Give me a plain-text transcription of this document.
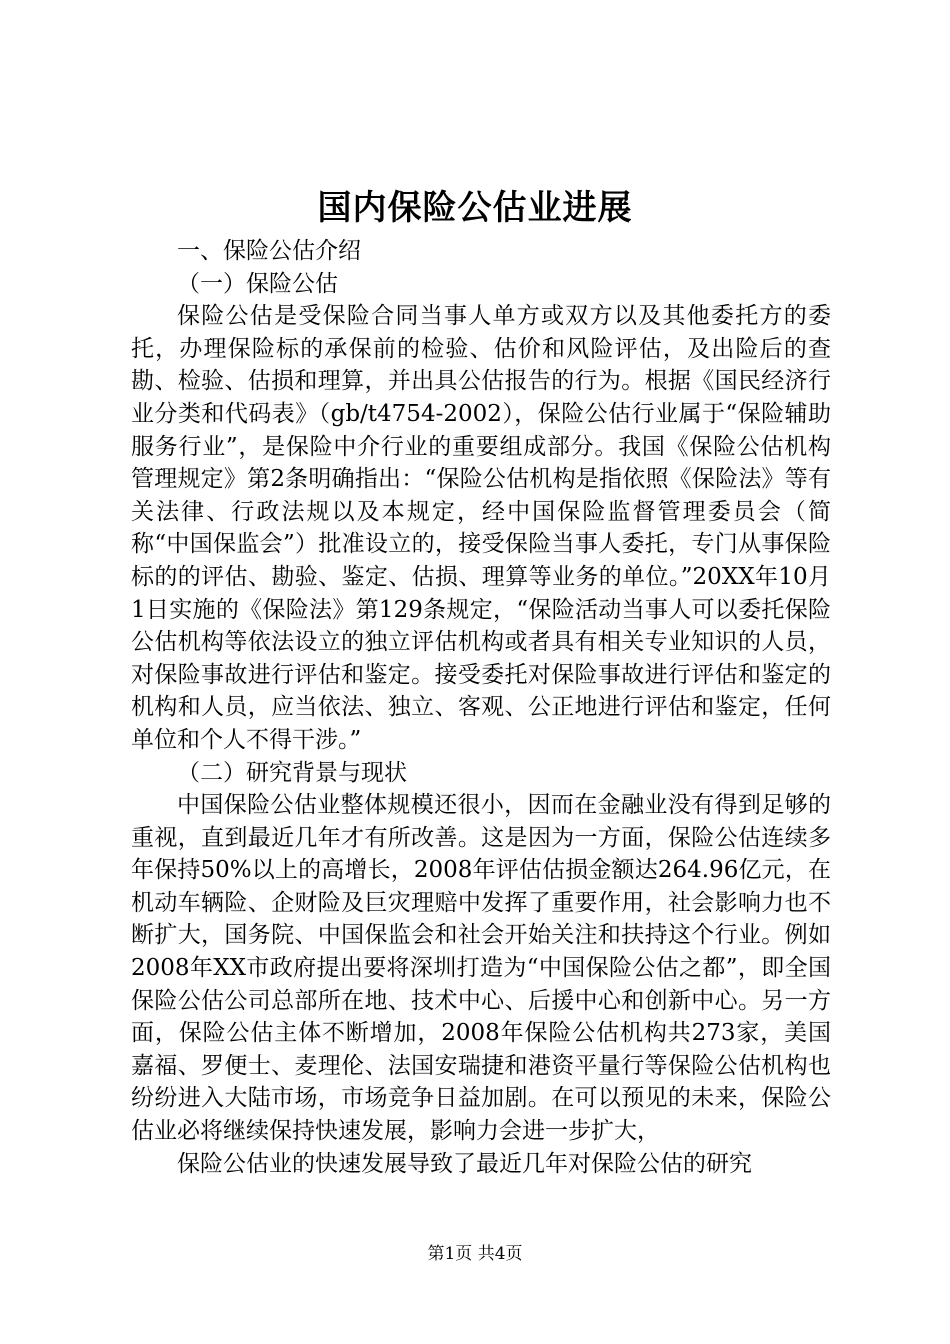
国内保险公估业进展

一、保险公估介绍

（一）保险公估

保险公估是受保险合同当事人单方或双方以及其他委托方的委托，办理保险标的承保前的检验、估价和风险评估，及出险后的查勘、检验、估损和理算，并出具公估报告的行为。根据《国民经济行业分类和代码表》（gb/t4754-2002），保险公估行业属于“保险辅助服务行业”，是保险中介行业的重要组成部分。我国《保险公估机构管理规定》第2条明确指出：“保险公估机构是指依照《保险法》等有关法律、行政法规以及本规定，经中国保险监督管理委员会（简称“中国保监会”）批准设立的，接受保险当事人委托，专门从事保险标的的评估、勘验、鉴定、估损、理算等业务的单位。”20XX年10月1日实施的《保险法》第129条规定，“保险活动当事人可以委托保险公估机构等依法设立的独立评估机构或者具有相关专业知识的人员，对保险事故进行评估和鉴定。接受委托对保险事故进行评估和鉴定的机构和人员，应当依法、独立、客观、公正地进行评估和鉴定，任何单位和个人不得干涉。”

（二）研究背景与现状

中国保险公估业整体规模还很小，因而在金融业没有得到足够的重视，直到最近几年才有所改善。这是因为一方面，保险公估连续多年保持50%以上的高增长，2008年评估估损金额达264.96亿元，在机动车辆险、企财险及巨灾理赔中发挥了重要作用，社会影响力也不断扩大，国务院、中国保监会和社会开始关注和扶持这个行业。例如2008年XX市政府提出要将深圳打造为“中国保险公估之都”，即全国保险公估公司总部所在地、技术中心、后援中心和创新中心。另一方面，保险公估主体不断增加，2008年保险公估机构共273家，美国嘉福、罗便士、麦理伦、法国安瑞捷和港资平量行等保险公估机构也纷纷进入大陆市场，市场竞争日益加剧。在可以预见的未来，保险公估业必将继续保持快速发展，影响力会进一步扩大，

保险公估业的快速发展导致了最近几年对保险公估的研究

第1页 共4页
